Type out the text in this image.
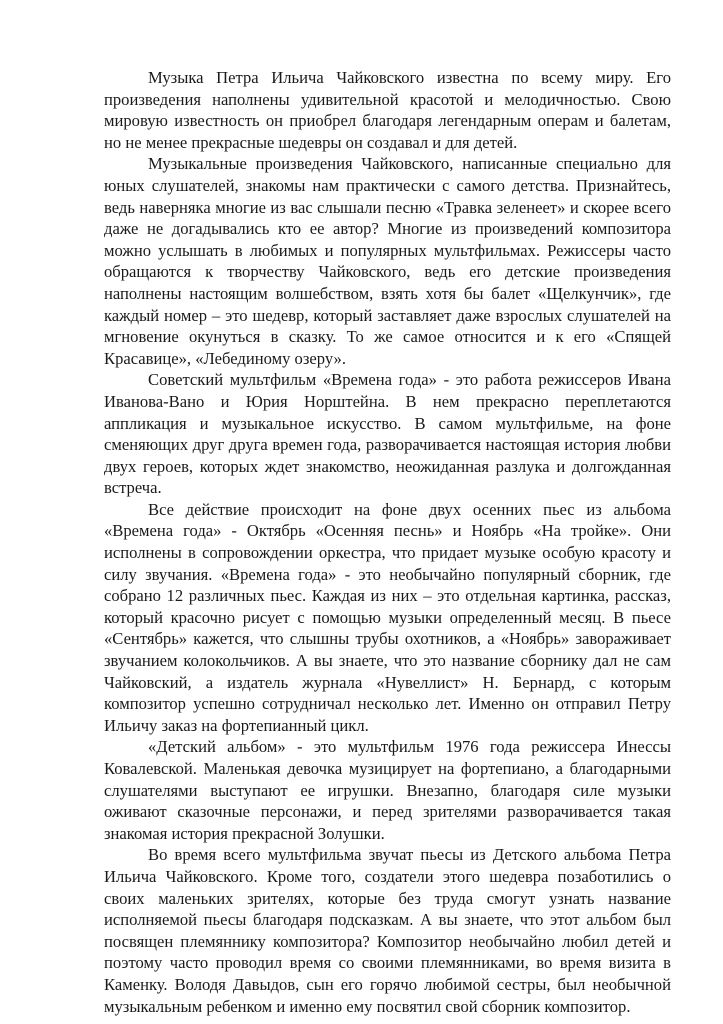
Музыка Петра Ильича Чайковского известна по всему миру. Его произведения наполнены удивительной красотой и мелодичностью. Свою мировую известность он приобрел благодаря легендарным операм и балетам, но не менее прекрасные шедевры он создавал и для детей.

Музыкальные произведения Чайковского, написанные специально для юных слушателей, знакомы нам практически с самого детства. Признайтесь, ведь наверняка многие из вас слышали песню «Травка зеленеет» и скорее всего даже не догадывались кто ее автор? Многие из произведений композитора можно услышать в любимых и популярных мультфильмах. Режиссеры часто обращаются к творчеству Чайковского, ведь его детские произведения наполнены настоящим волшебством, взять хотя бы балет «Щелкунчик», где каждый номер – это шедевр, который заставляет даже взрослых слушателей на мгновение окунуться в сказку. То же самое относится и к его «Спящей Красавице», «Лебединому озеру».

Советский мультфильм «Времена года» - это работа режиссеров Ивана Иванова-Вано и Юрия Норштейна. В нем прекрасно переплетаются аппликация и музыкальное искусство. В самом мультфильме, на фоне сменяющих друг друга времен года, разворачивается настоящая история любви двух героев, которых ждет знакомство, неожиданная разлука и долгожданная встреча.

Все действие происходит на фоне двух осенних пьес из альбома «Времена года» - Октябрь «Осенняя песнь» и Ноябрь «На тройке». Они исполнены в сопровождении оркестра, что придает музыке особую красоту и силу звучания. «Времена года» - это необычайно популярный сборник, где собрано 12 различных пьес. Каждая из них – это отдельная картинка, рассказ, который красочно рисует с помощью музыки определенный месяц. В пьесе «Сентябрь» кажется, что слышны трубы охотников, а «Ноябрь» завораживает звучанием колокольчиков. А вы знаете, что это название сборнику дал не сам Чайковский, а издатель журнала «Нувеллист» Н. Бернард, с которым композитор успешно сотрудничал несколько лет. Именно он отправил Петру Ильичу заказ на фортепианный цикл.

«Детский альбом» - это мультфильм 1976 года режиссера Инессы Ковалевской. Маленькая девочка музицирует на фортепиано, а благодарными слушателями выступают ее игрушки. Внезапно, благодаря силе музыки оживают сказочные персонажи, и перед зрителями разворачивается такая знакомая история прекрасной Золушки.

Во время всего мультфильма звучат пьесы из Детского альбома Петра Ильича Чайковского. Кроме того, создатели этого шедевра позаботились о своих маленьких зрителях, которые без труда смогут узнать название исполняемой пьесы благодаря подсказкам. А вы знаете, что этот альбом был посвящен племяннику композитора? Композитор необычайно любил детей и поэтому часто проводил время со своими племянниками, во время визита в Каменку. Володя Давыдов, сын его горячо любимой сестры, был необычной музыкальным ребенком и именно ему посвятил свой сборник композитор.
